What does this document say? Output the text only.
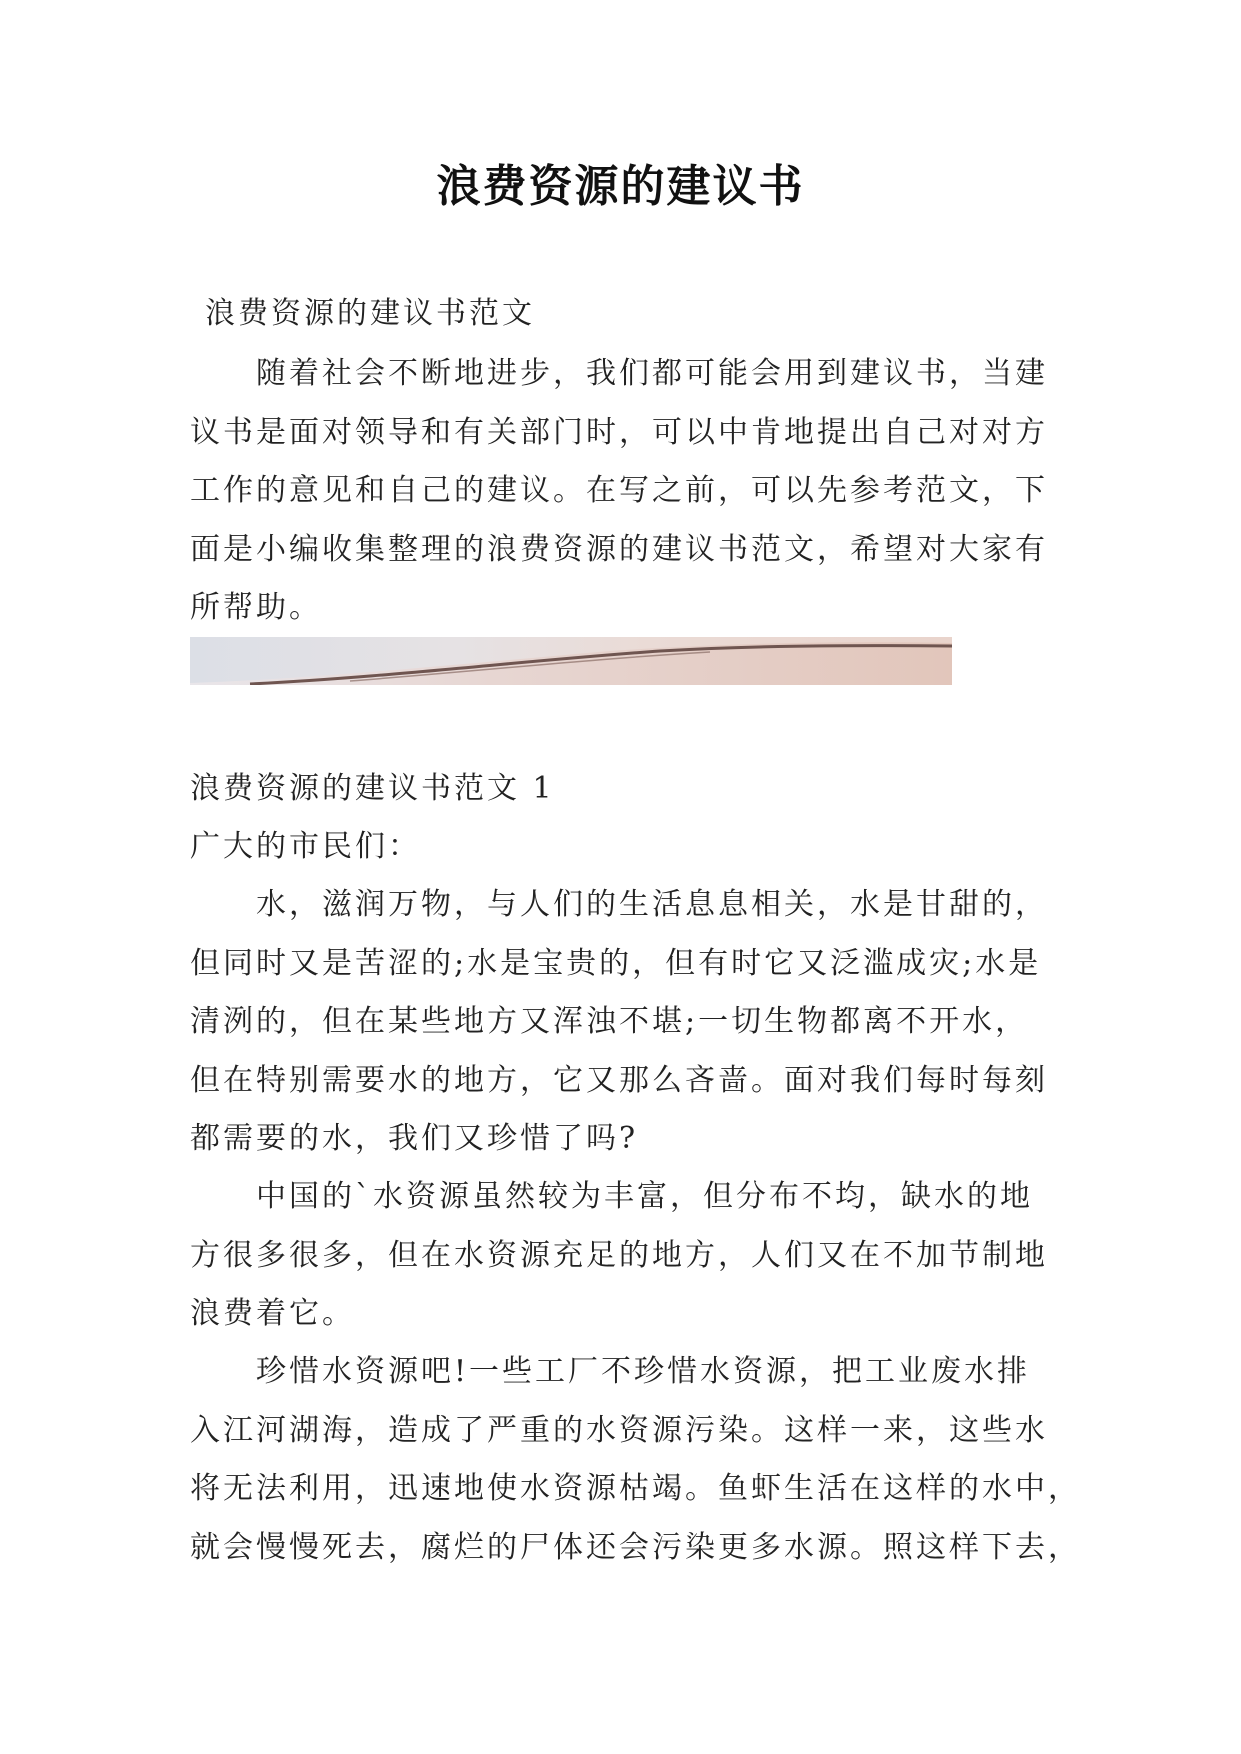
浪费资源的建议书
浪费资源的建议书范文
　　随着社会不断地进步，我们都可能会用到建议书，当建
议书是面对领导和有关部门时，可以中肯地提出自己对对方
工作的意见和自己的建议。在写之前，可以先参考范文，下
面是小编收集整理的浪费资源的建议书范文，希望对大家有
所帮助。
浪费资源的建议书范文 1
广大的市民们：
　　水，滋润万物，与人们的生活息息相关，水是甘甜的，
但同时又是苦涩的;水是宝贵的，但有时它又泛滥成灾;水是
清洌的，但在某些地方又浑浊不堪;一切生物都离不开水，
但在特别需要水的地方，它又那么吝啬。面对我们每时每刻
都需要的水，我们又珍惜了吗?
　　中国的`水资源虽然较为丰富，但分布不均，缺水的地
方很多很多，但在水资源充足的地方，人们又在不加节制地
浪费着它。
　　珍惜水资源吧!一些工厂不珍惜水资源，把工业废水排
入江河湖海，造成了严重的水资源污染。这样一来，这些水
将无法利用，迅速地使水资源枯竭。鱼虾生活在这样的水中，
就会慢慢死去，腐烂的尸体还会污染更多水源。照这样下去，
